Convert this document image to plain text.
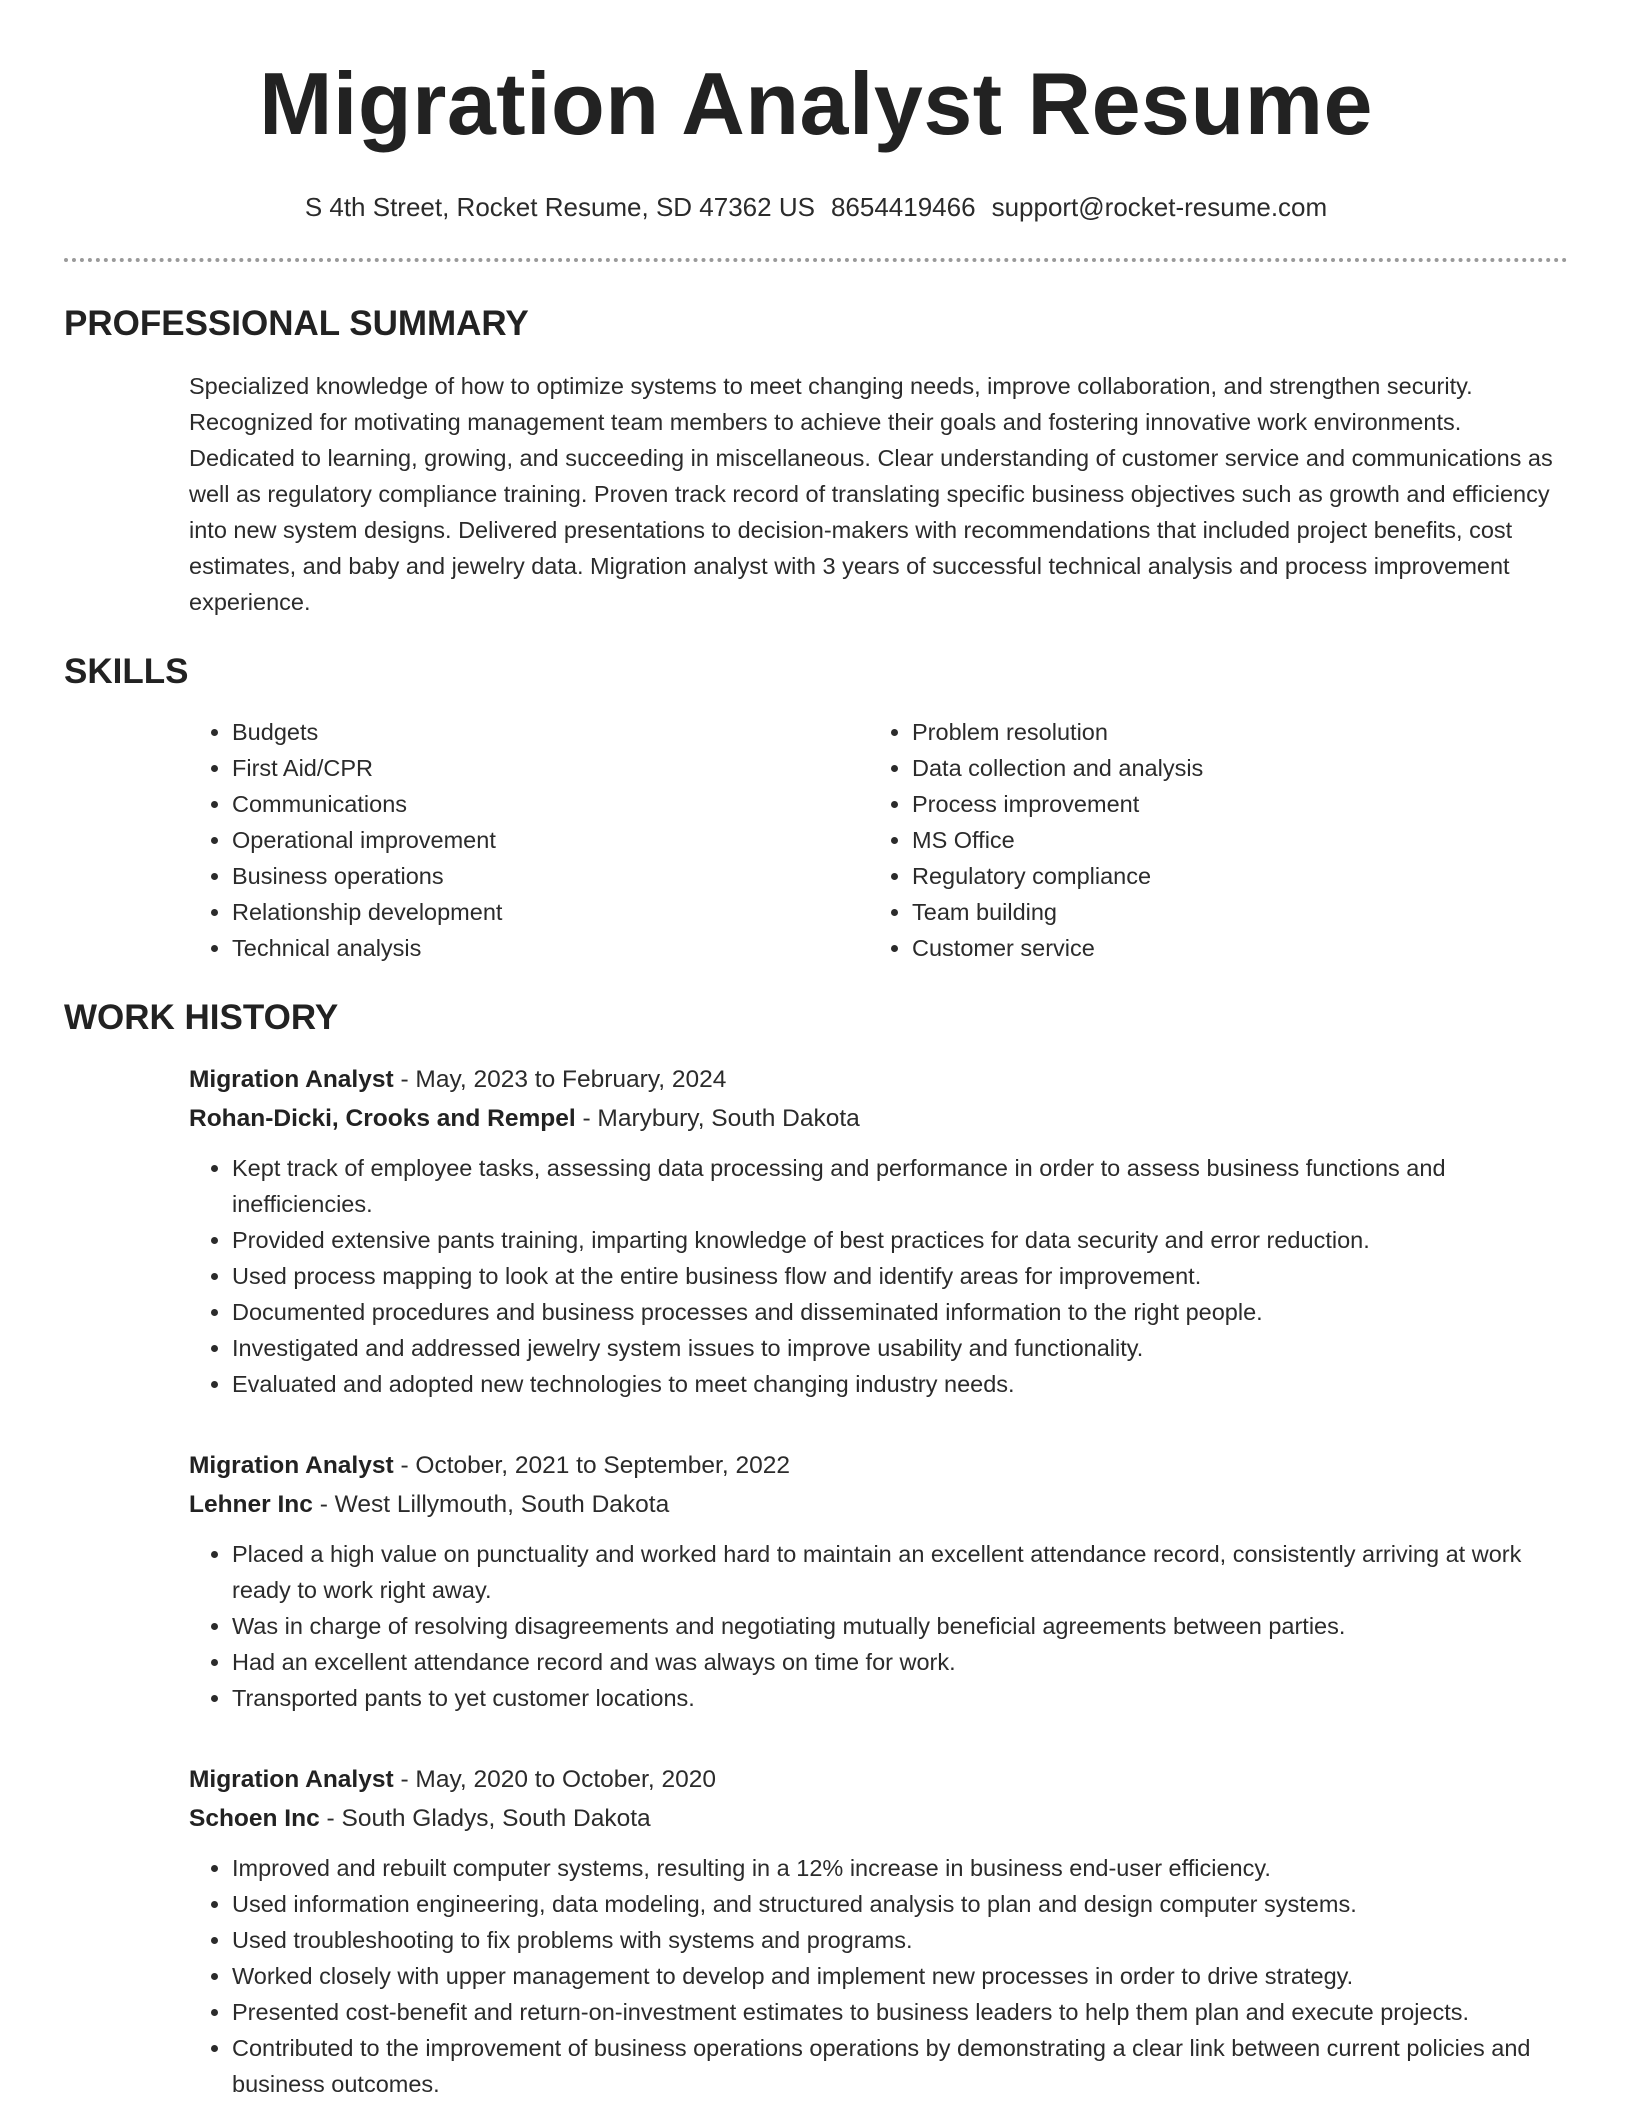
Migration Analyst Resume
S 4th Street, Rocket Resume, SD 47362 US 8654419466 support@rocket-resume.com
PROFESSIONAL SUMMARY

Specialized knowledge of how to optimize systems to meet changing needs, improve collaboration, and strengthen security. Recognized for motivating management team members to achieve their goals and fostering innovative work environments. Dedicated to learning, growing, and succeeding in miscellaneous. Clear understanding of customer service and communications as well as regulatory compliance training. Proven track record of translating specific business objectives such as growth and efficiency into new system designs. Delivered presentations to decision-makers with recommendations that included project benefits, cost estimates, and baby and jewelry data. Migration analyst with 3 years of successful technical analysis and process improvement experience.

SKILLS
• Budgets
• First Aid/CPR
• Communications
• Operational improvement
• Business operations
• Relationship development
• Technical analysis
• Problem resolution
• Data collection and analysis
• Process improvement
• MS Office
• Regulatory compliance
• Team building
• Customer service
WORK HISTORY
Migration Analyst - May, 2023 to February, 2024
Rohan-Dicki, Crooks and Rempel - Marybury, South Dakota
• Kept track of employee tasks, assessing data processing and performance in order to assess business functions and inefficiencies.
• Provided extensive pants training, imparting knowledge of best practices for data security and error reduction.
• Used process mapping to look at the entire business flow and identify areas for improvement.
• Documented procedures and business processes and disseminated information to the right people.
• Investigated and addressed jewelry system issues to improve usability and functionality.
• Evaluated and adopted new technologies to meet changing industry needs.
Migration Analyst - October, 2021 to September, 2022
Lehner Inc - West Lillymouth, South Dakota
• Placed a high value on punctuality and worked hard to maintain an excellent attendance record, consistently arriving at work ready to work right away.
• Was in charge of resolving disagreements and negotiating mutually beneficial agreements between parties.
• Had an excellent attendance record and was always on time for work.
• Transported pants to yet customer locations.
Migration Analyst - May, 2020 to October, 2020
Schoen Inc - South Gladys, South Dakota
• Improved and rebuilt computer systems, resulting in a 12% increase in business end-user efficiency.
• Used information engineering, data modeling, and structured analysis to plan and design computer systems.
• Used troubleshooting to fix problems with systems and programs.
• Worked closely with upper management to develop and implement new processes in order to drive strategy.
• Presented cost-benefit and return-on-investment estimates to business leaders to help them plan and execute projects.
• Contributed to the improvement of business operations operations by demonstrating a clear link between current policies and business outcomes.
